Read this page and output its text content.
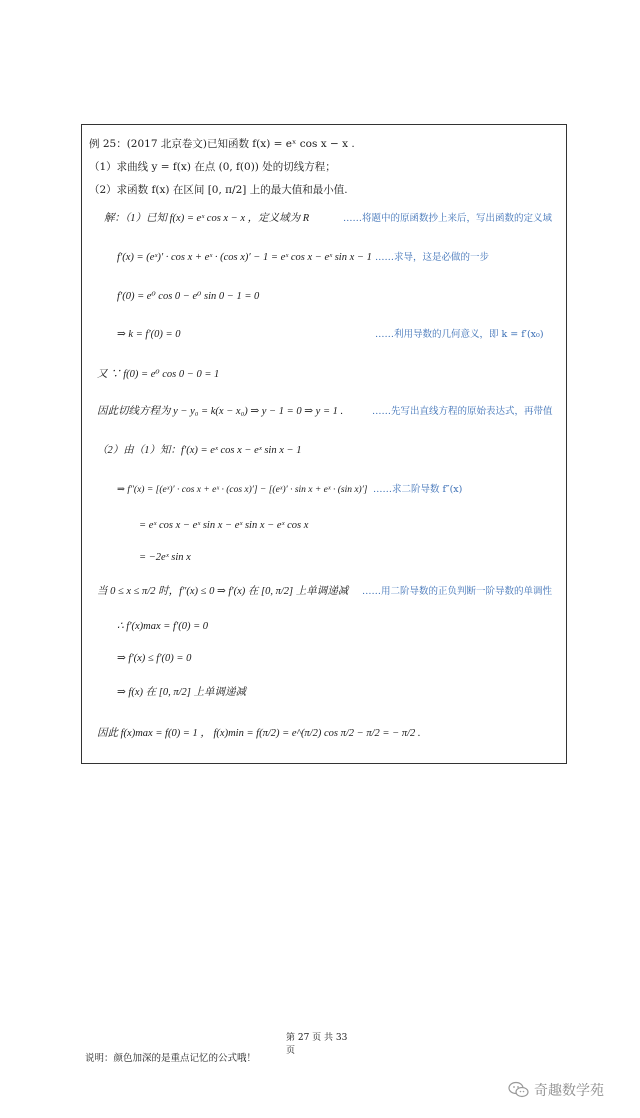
例 25：(2017 北京卷文)已知函数 f(x) = eˣ cos x − x .
（1）求曲线 y = f(x) 在点 (0, f(0)) 处的切线方程；
（2）求函数 f(x) 在区间 [0, π/2] 上的最大值和最小值.
解：（1）已知 f(x) = eˣ cos x − x ，定义域为 R	……将题中的原函数抄上来后，写出函数的定义域
f′(x) = (eˣ)′ · cos x + eˣ · (cos x)′ − 1 = eˣ cos x − eˣ sin x − 1 ……求导，这是必做的一步
f′(0) = e⁰ cos 0 − e⁰ sin 0 − 1 = 0
⇒ k = f′(0) = 0	……利用导数的几何意义，即 k = f′(x₀)
又 ∵ f(0) = e⁰ cos 0 − 0 = 1
因此切线方程为 y − y₀ = k(x − x₀) ⇒ y − 1 = 0 ⇒ y = 1 .	……先写出直线方程的原始表达式，再带值
（2）由（1）知：f′(x) = eˣ cos x − eˣ sin x − 1
⇒ f″(x) = [(eˣ)′ · cos x + eˣ · (cos x)′] − [(eˣ)′ · sin x + eˣ · (sin x)′] ……求二阶导数 f″(x)
= eˣ cos x − eˣ sin x − eˣ sin x − eˣ cos x
= −2eˣ sin x
当 0 ≤ x ≤ π/2 时，f″(x) ≤ 0 ⇒ f′(x) 在 [0, π/2] 上单调递减 ……用二阶导数的正负判断一阶导数的单调性
∴ f′(x)max = f′(0) = 0
⇒ f′(x) ≤ f′(0) = 0
⇒ f(x) 在 [0, π/2] 上单调递减
因此 f(x)max = f(0) = 1 ， f(x)min = f(π/2) = e^(π/2) cos π/2 − π/2 = − π/2 .
第 27 页 共 33
页
说明：颜色加深的是重点记忆的公式哦！
奇趣数学苑
